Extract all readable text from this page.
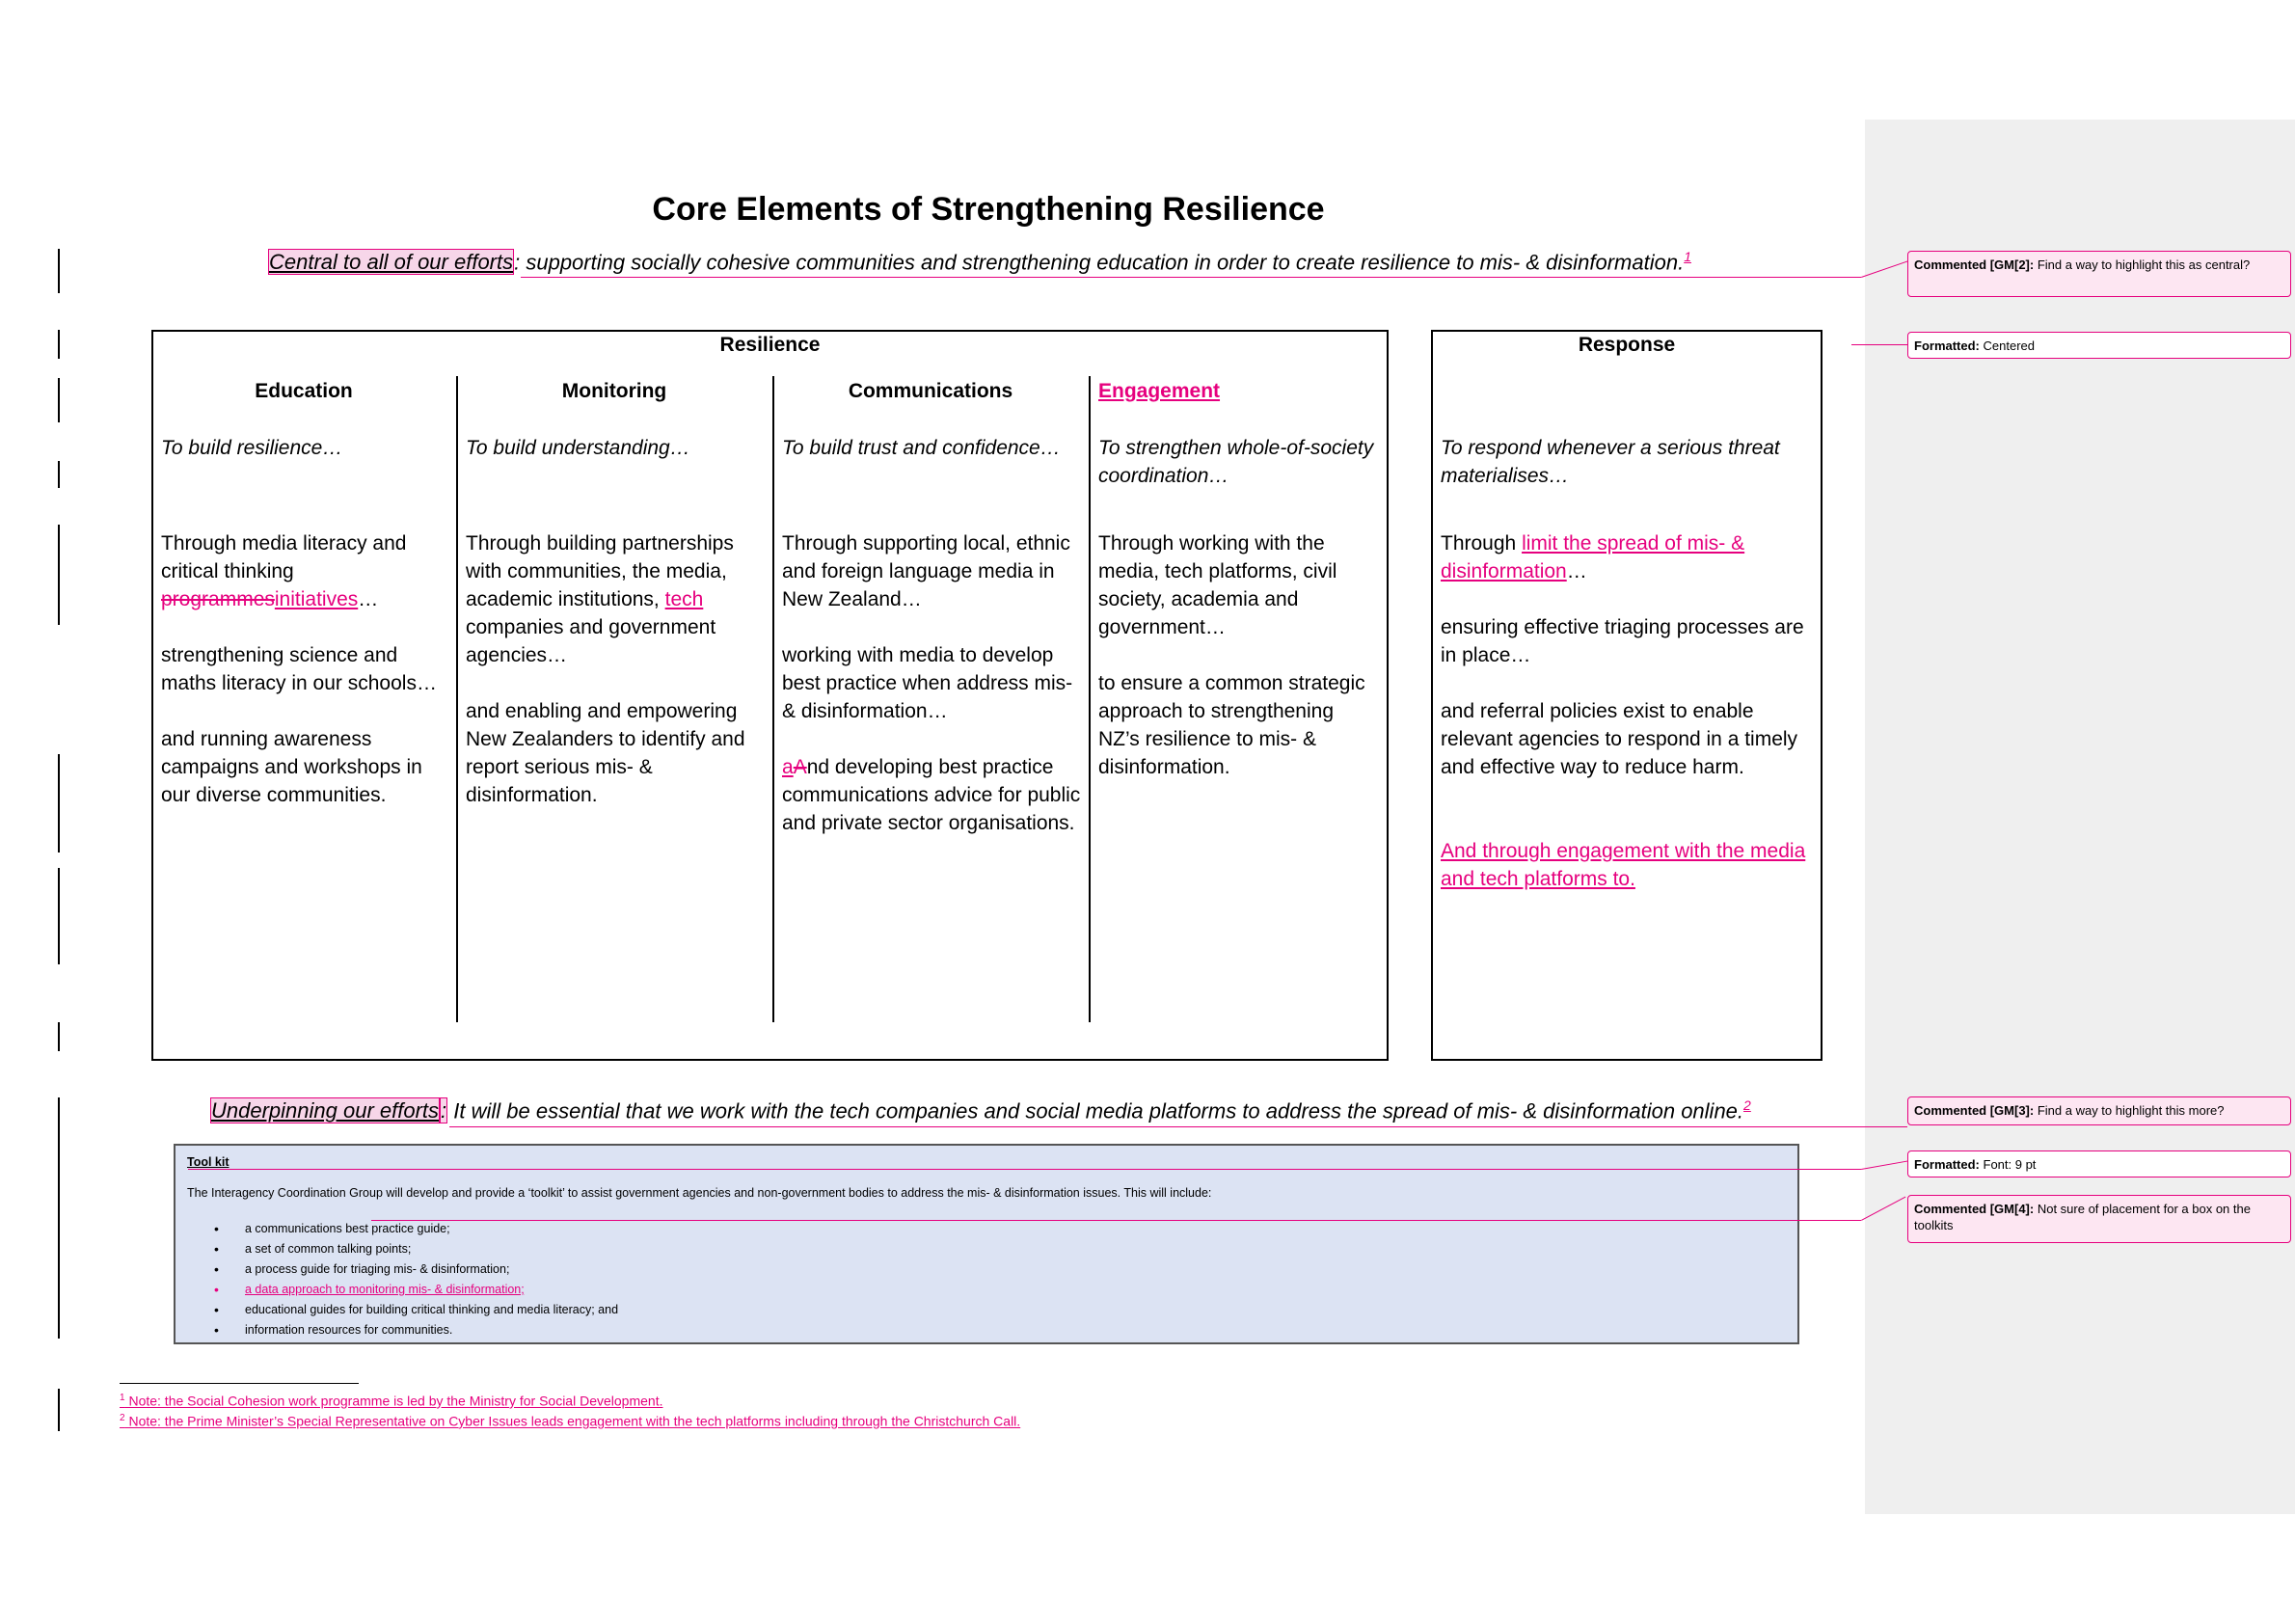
Core Elements of Strengthening Resilience
Central to all of our efforts: supporting socially cohesive communities and strengthening education in order to create resilience to mis- & disinformation.$^1$
Resilience
Education

To build resilience…

Through media literacy and critical thinking programmesinitiatives…

strengthening science and maths literacy in our schools…

and running awareness campaigns and workshops in our diverse communities.

Monitoring

To build understanding…

Through building partnerships with communities, the media, academic institutions, tech companies and government agencies…

and enabling and empowering New Zealanders to identify and report serious mis- & disinformation.

Communications

To build trust and confidence…

Through supporting local, ethnic and foreign language media in New Zealand…

working with media to develop best practice when address mis- & disinformation…

aAnd developing best practice communications advice for public and private sector organisations.

Engagement

To strengthen whole-of-society coordination…

Through working with the media, tech platforms, civil society, academia and government…

to ensure a common strategic approach to strengthening NZ’s resilience to mis- & disinformation.

Response

To respond whenever a serious threat materialises…

Through limit the spread of mis- & disinformation…

ensuring effective triaging processes are in place…

and referral policies exist to enable relevant agencies to respond in a timely and effective way to reduce harm.

And through engagement with the media and tech platforms to.

Underpinning our efforts: It will be essential that we work with the tech companies and social media platforms to address the spread of mis- & disinformation online.$^2$
Tool kit
The Interagency Coordination Group will develop and provide a ‘toolkit’ to assist government agencies and non-government bodies to address the mis- & disinformation issues. This will include:
• a communications best practice guide;
• a set of common talking points;
• a process guide for triaging mis- & disinformation;
• a data approach to monitoring mis- & disinformation;
• educational guides for building critical thinking and media literacy; and
• information resources for communities.
$^1$ Note: the Social Cohesion work programme is led by the Ministry for Social Development.
$^2$ Note: the Prime Minister’s Special Representative on Cyber Issues leads engagement with the tech platforms including through the Christchurch Call.
Commented [GM[2]: Find a way to highlight this as central?
Formatted: Centered
Commented [GM[3]: Find a way to highlight this more?
Formatted: Font: 9 pt
Commented [GM[4]: Not sure of placement for a box on the toolkits
